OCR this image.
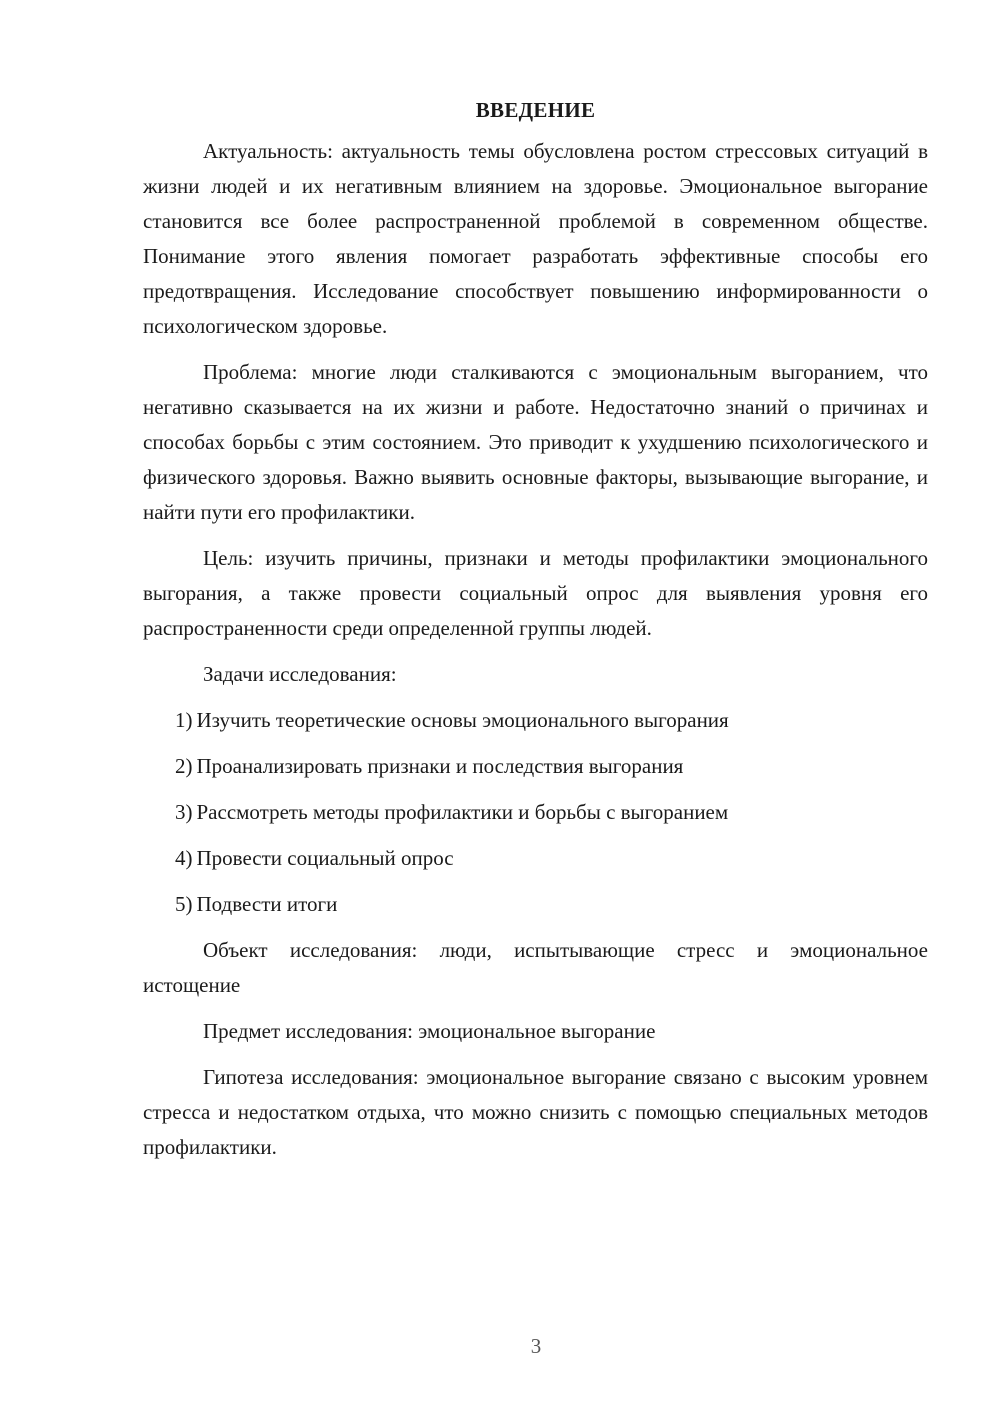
ВВЕДЕНИЕ

Актуальность: актуальность темы обусловлена ростом стрессовых ситуаций в жизни людей и их негативным влиянием на здоровье. Эмоциональное выгорание становится все более распространенной проблемой в современном обществе. Понимание этого явления помогает разработать эффективные способы его предотвращения. Исследование способствует повышению информированности о психологическом здоровье.

Проблема: многие люди сталкиваются с эмоциональным выгоранием, что негативно сказывается на их жизни и работе. Недостаточно знаний о причинах и способах борьбы с этим состоянием. Это приводит к ухудшению психологического и физического здоровья. Важно выявить основные факторы, вызывающие выгорание, и найти пути его профилактики.

Цель: изучить причины, признаки и методы профилактики эмоционального выгорания, а также провести социальный опрос для выявления уровня его распространенности среди определенной группы людей.

Задачи исследования:

1) Изучить теоретические основы эмоционального выгорания
2) Проанализировать признаки и последствия выгорания
3) Рассмотреть методы профилактики и борьбы с выгоранием
4) Провести социальный опрос
5) Подвести итоги

Объект исследования: люди, испытывающие стресс и эмоциональное истощение

Предмет исследования: эмоциональное выгорание

Гипотеза исследования: эмоциональное выгорание связано с высоким уровнем стресса и недостатком отдыха, что можно снизить с помощью специальных методов профилактики.

3
